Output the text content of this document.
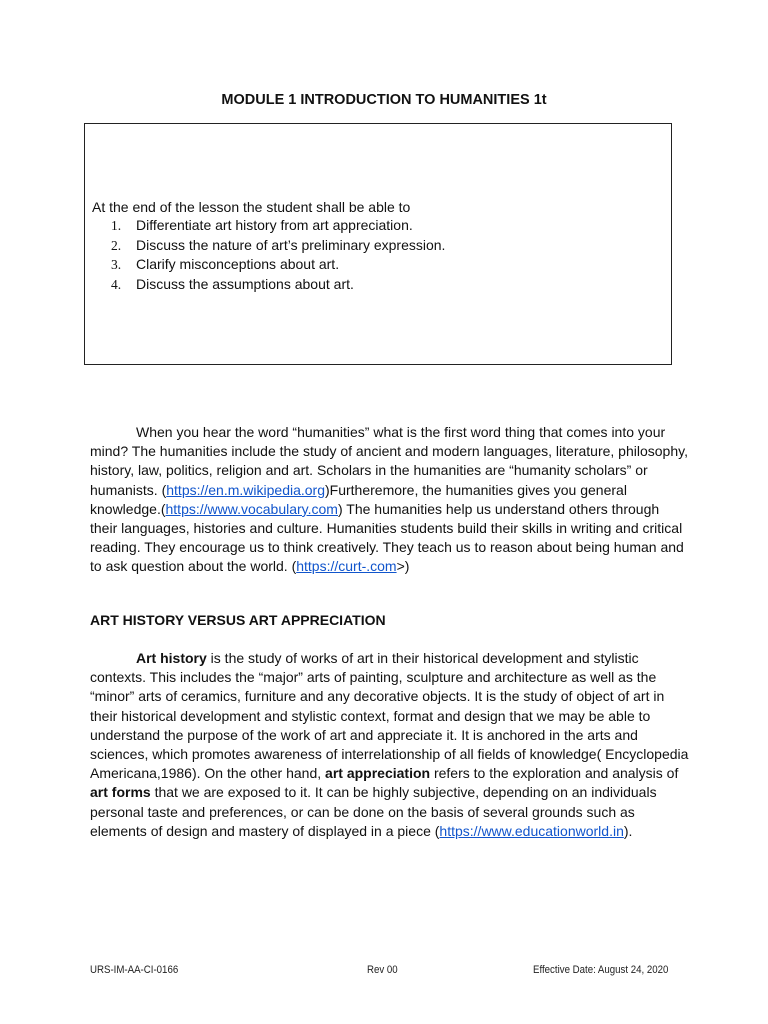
MODULE 1 INTRODUCTION TO HUMANITIES 1t
At the end of the lesson the student shall be able to
1.	Differentiate art history from art appreciation.
2.	Discuss the nature of art’s preliminary expression.
3.	Clarify misconceptions about art.
4.	Discuss the assumptions about art.

When you hear the word “humanities” what is the first word thing that comes into your mind? The humanities include the study of ancient and modern languages, literature, philosophy, history, law, politics, religion and art. Scholars in the humanities are “humanity scholars” or humanists. (https://en.m.wikipedia.org)Furtheremore, the humanities gives you general knowledge.(https://www.vocabulary.com) The humanities help us understand others through their languages, histories and culture. Humanities students build their skills in writing and critical reading. They encourage us to think creatively. They teach us to reason about being human and to ask question about the world. (https://curt-.com>)

ART HISTORY VERSUS ART APPRECIATION

Art history is the study of works of art in their historical development and stylistic contexts. This includes the “major” arts of painting, sculpture and architecture as well as the “minor” arts of ceramics, furniture and any decorative objects. It is the study of object of art in their historical development and stylistic context, format and design that we may be able to understand the purpose of the work of art and appreciate it. It is anchored in the arts and sciences, which promotes awareness of interrelationship of all fields of knowledge( Encyclopedia Americana,1986). On the other hand, art appreciation refers to the exploration and analysis of art forms that we are exposed to it. It can be highly subjective, depending on an individuals personal taste and preferences, or can be done on the basis of several grounds such as elements of design and mastery of displayed in a piece (https://www.educationworld.in).

URS-IM-AA-CI-0166	Rev 00	Effective Date: August 24, 2020
